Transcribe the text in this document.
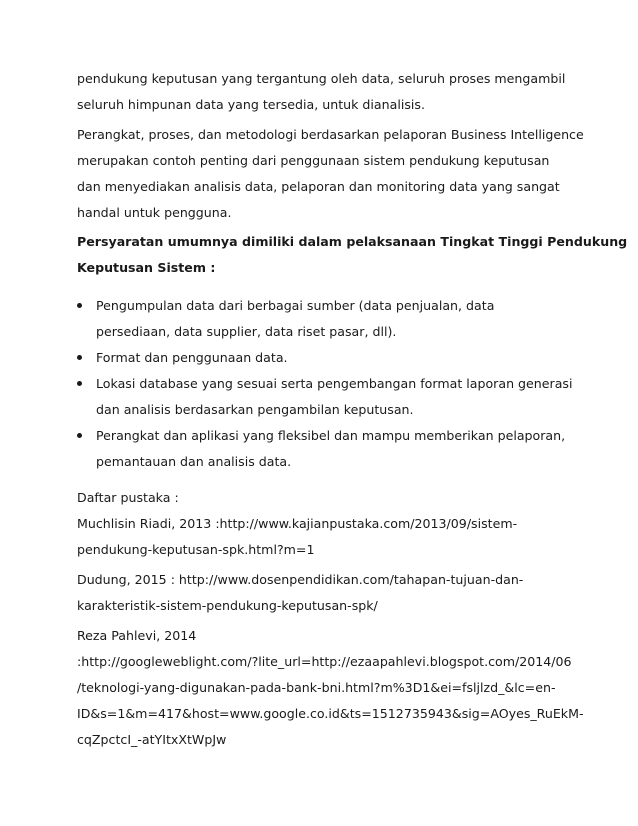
pendukung keputusan yang tergantung oleh data, seluruh proses mengambil
seluruh himpunan data yang tersedia, untuk dianalisis.

Perangkat, proses, dan metodologi berdasarkan pelaporan Business Intelligence
merupakan contoh penting dari penggunaan sistem pendukung keputusan
dan menyediakan analisis data, pelaporan dan monitoring data yang sangat
handal untuk pengguna.

Persyaratan umumnya dimiliki dalam pelaksanaan Tingkat Tinggi Pendukung
Keputusan Sistem :

Pengumpulan data dari berbagai sumber (data penjualan, data
persediaan, data supplier, data riset pasar, dll).
Format dan penggunaan data.
Lokasi database yang sesuai serta pengembangan format laporan generasi
dan analisis berdasarkan pengambilan keputusan.
Perangkat dan aplikasi yang fleksibel dan mampu memberikan pelaporan,
pemantauan dan analisis data.
Daftar pustaka :

Muchlisin Riadi, 2013 :http://www.kajianpustaka.com/2013/09/sistem-
pendukung-keputusan-spk.html?m=1

Dudung, 2015 : http://www.dosenpendidikan.com/tahapan-tujuan-dan-
karakteristik-sistem-pendukung-keputusan-spk/

Reza Pahlevi, 2014
:http://googleweblight.com/?lite_url=http://ezaapahlevi.blogspot.com/2014/06
/teknologi-yang-digunakan-pada-bank-bni.html?m%3D1&ei=fsljlzd_&lc=en-
ID&s=1&m=417&host=www.google.co.id&ts=1512735943&sig=AOyes_RuEkM-
cqZpctcI_-atYItxXtWpJw
